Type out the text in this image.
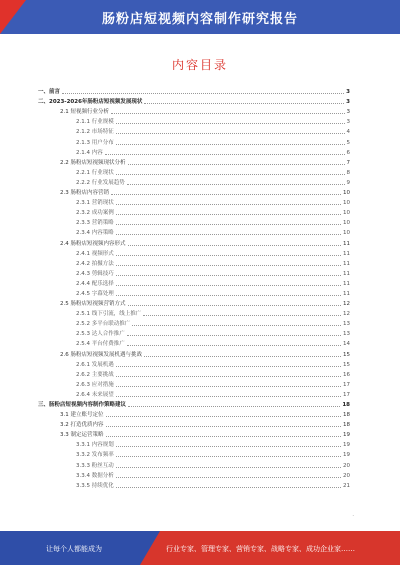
肠粉店短视频内容制作研究报告
内容目录
一、前言	3
二、2023-2026年肠粉店短视频发展现状	3
2.1 短视频行业分析	3
2.1.1 行业规模	3
2.1.2 市场特征	4
2.1.3 用户分布	5
2.1.4 内容	6
2.2 肠粉店短视频现状分析	7
2.2.1 行业现状	8
2.2.2 行业发展趋势	9
2.3 肠粉店内容营销	10
2.3.1 营销现状	10
2.3.2 成功案例	10
2.3.3 营销策略	10
2.3.4 内容策略	10
2.4 肠粉店短视频内容形式	11
2.4.1 视频形式	11
2.4.2 拍摄方法	11
2.4.3 剪辑技巧	11
2.4.4 配乐选择	11
2.4.5 字幕处理	11
2.5 肠粉店短视频营销方式	12
2.5.1 线下引流，线上推广	12
2.5.2 多平台联动推广	13
2.5.3 达人合作推广	13
2.5.4 平台付费推广	14
2.6 肠粉店短视频发展机遇与挑战	15
2.6.1 发展机遇	15
2.6.2 主要挑战	16
2.6.3 应对措施	17
2.6.4 未来展望	17
三、肠粉店短视频内容制作策略建议	18
3.1 建立账号定位	18
3.2 打造优质内容	18
3.3 制定运营策略	19
3.3.1 内容规划	19
3.3.2 发布频率	19
3.3.3 粉丝互动	20
3.3.4 数据分析	20
3.3.5 持续优化	21
·
让每个人都能成为	行业专家、管理专家、营销专家、战略专家、成功企业家……
